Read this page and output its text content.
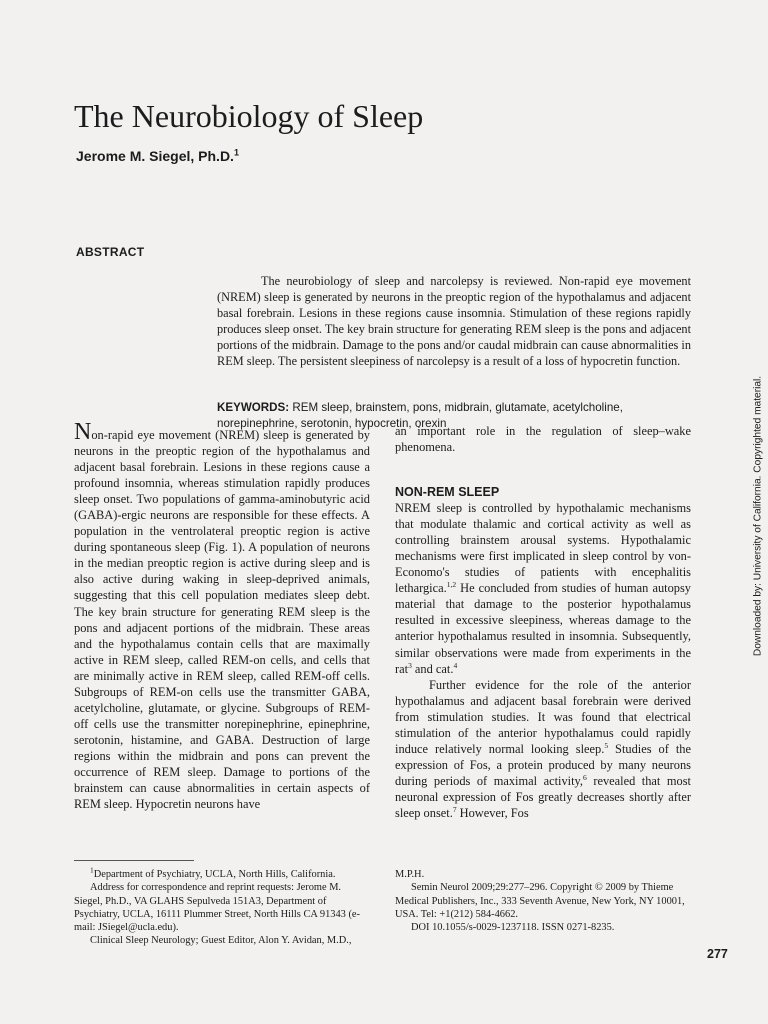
The Neurobiology of Sleep
Jerome M. Siegel, Ph.D.$^1$
ABSTRACT
The neurobiology of sleep and narcolepsy is reviewed. Non-rapid eye movement (NREM) sleep is generated by neurons in the preoptic region of the hypothalamus and adjacent basal forebrain. Lesions in these regions cause insomnia. Stimulation of these regions rapidly produces sleep onset. The key brain structure for generating REM sleep is the pons and adjacent portions of the midbrain. Damage to the pons and/or caudal midbrain can cause abnormalities in REM sleep. The persistent sleepiness of narcolepsy is a result of a loss of hypocretin function.
KEYWORDS: REM sleep, brainstem, pons, midbrain, glutamate, acetylcholine, norepinephrine, serotonin, hypocretin, orexin

Non-rapid eye movement (NREM) sleep is generated by neurons in the preoptic region of the hypothalamus and adjacent basal forebrain. Lesions in these regions cause a profound insomnia, whereas stimulation rapidly produces sleep onset. Two populations of gamma-aminobutyric acid (GABA)-ergic neurons are responsible for these effects. A population in the ventrolateral preoptic region is active during spontaneous sleep (Fig. 1). A population of neurons in the median preoptic region is active during sleep and is also active during waking in sleep-deprived animals, suggesting that this cell population mediates sleep debt. The key brain structure for generating REM sleep is the pons and adjacent portions of the midbrain. These areas and the hypothalamus contain cells that are maximally active in REM sleep, called REM-on cells, and cells that are minimally active in REM sleep, called REM-off cells. Subgroups of REM-on cells use the transmitter GABA, acetylcholine, glutamate, or glycine. Subgroups of REM-off cells use the transmitter norepinephrine, epinephrine, serotonin, histamine, and GABA. Destruction of large regions within the midbrain and pons can prevent the occurrence of REM sleep. Damage to portions of the brainstem can cause abnormalities in certain aspects of REM sleep. Hypocretin neurons have

an important role in the regulation of sleep–wake phenomena.

NON-REM SLEEP

NREM sleep is controlled by hypothalamic mechanisms that modulate thalamic and cortical activity as well as controlling brainstem arousal systems. Hypothalamic mechanisms were first implicated in sleep control by von-Economo's studies of patients with encephalitis lethargica.$^{1,2}$ He concluded from studies of human autopsy material that damage to the posterior hypothalamus resulted in excessive sleepiness, whereas damage to the anterior hypothalamus resulted in insomnia. Subsequently, similar observations were made from experiments in the rat$^3$ and cat.$^4$

Further evidence for the role of the anterior hypothalamus and adjacent basal forebrain were derived from stimulation studies. It was found that electrical stimulation of the anterior hypothalamus could rapidly induce relatively normal looking sleep.$^5$ Studies of the expression of Fos, a protein produced by many neurons during periods of maximal activity,$^6$ revealed that most neuronal expression of Fos greatly decreases shortly after sleep onset.$^7$ However, Fos

$^1$Department of Psychiatry, UCLA, North Hills, California.

Address for correspondence and reprint requests: Jerome M. Siegel, Ph.D., VA GLAHS Sepulveda 151A3, Department of Psychiatry, UCLA, 16111 Plummer Street, North Hills CA 91343 (e-mail: JSiegel@ucla.edu).

Clinical Sleep Neurology; Guest Editor, Alon Y. Avidan, M.D.,

M.P.H.

Semin Neurol 2009;29:277–296. Copyright © 2009 by Thieme Medical Publishers, Inc., 333 Seventh Avenue, New York, NY 10001, USA. Tel: +1(212) 584-4662.

DOI 10.1055/s-0029-1237118. ISSN 0271-8235.

277
Downloaded by: University of California. Copyrighted material.
